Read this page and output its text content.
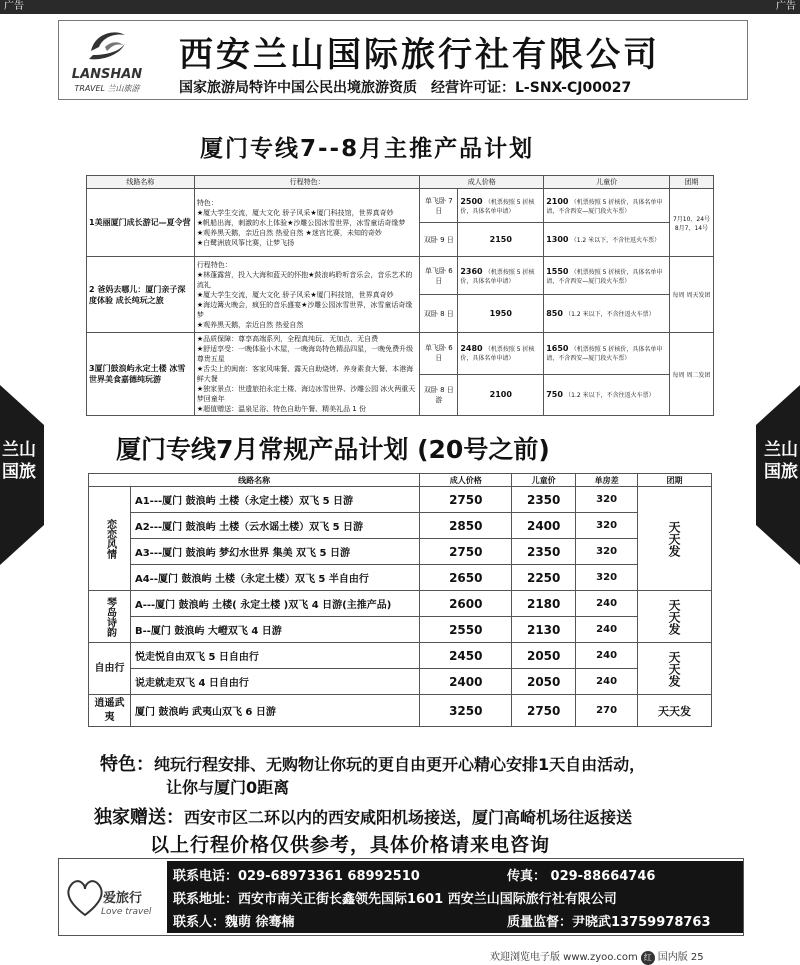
广告	广告
LANSHAN
TRAVEL 兰山旅游
西安兰山国际旅行社有限公司
国家旅游局特许中国公民出境旅游资质 经营许可证：L-SNX-CJ00027
兰山国旅
兰山国旅
厦门专线7--8月主推产品计划
线路名称	行程特色：	成人价格		儿童价	团期
1美丽厦门成长游记—夏令营	特色：
★厦大学生交流，厦大文化 骄子风采★厦门科技馆，世界真奇妙
★帆船出海，刺激的水上体验★沙雕公园冰雪世界，冰雪童话奇缘梦
★观养黑天鹅，亲近自然 热爱自然 ★迷宫比赛，未知的奇妙
★白鹭洲放风筝比赛，让梦飞扬	单飞卧 7 日	2500 （机票按照 5 折核价，具体名单申请）	2100 （机票按照 5 折核价，具体名单申请，不含西安—厦门段火车票）	7月10、24号 8月7、14号
		双卧 9 日	2150	1300 （1.2 米以下，不含往返火车票）	
2 爸妈去哪儿：厦门亲子深度体验 成长纯玩之旅	行程特色：
★林蓬露营，投入大海和蓝天的怀抱★鼓浪屿聆听音乐会，音乐艺术的流礼
★厦大学生交流，厦大文化 骄子风采★厦门科技馆，世界真奇妙
★海边篝火晚会，疯狂的音乐盛宴★沙雕公园冰雪世界，冰雪童话奇缘梦
★观养黑天鹅，亲近自然 热爱自然	单飞卧 6 日	2360 （机票按照 5 折核价，具体名单申请）	1550 （机票按照 5 折核价，具体名单申请，不含西安—厦门段火车票）	每周 周天发团
		双卧 8 日	1950	850 （1.2 米以下，不含往返火车票）	
3厦门鼓浪屿永定土楼 冰雪世界美食嘉德纯玩游	★品质保障：尊享高端系列，全程真纯玩、无加点、无自费
★舒适享受：一晚体验小木屋，一晚海岛特色精品四星，一晚免费升级尊贵五星
★舌尖上的闽南：客家风味餐、露天自助烧烤、养身素食大餐、本港海鲜大餐
★独家景点：世遗旅拍永定土楼、海边冰雪世界、沙雕公园 冰火两重天 梦回童年
★超值赠送：温泉足浴、特色自助午餐、精美礼品 1 份	单飞卧 6 日	2480 （机票按照 5 折核价，具体名单申请）	1650 （机票按照 5 折核价，具体名单申请，不含西安—厦门段火车票）	每周 周二发团
		双卧 8 日游	2100	750 （1.2 米以下，不含往返火车票）	
厦门专线7月常规产品计划 (20号之前)
线路名称		成人价格	儿童价	单房差	团期
恋恋风情	A1---厦门 鼓浪屿 土楼（永定土楼）双飞 5 日游	2750	2350	320	天天发
	A2---厦门 鼓浪屿 土楼（云水谣土楼）双飞 5 日游	2850	2400	320	
	A3---厦门 鼓浪屿 梦幻水世界 集美 双飞 5 日游	2750	2350	320	
	A4--厦门 鼓浪屿 土楼（永定土楼）双飞 5 半自由行	2650	2250	320	
琴岛诗韵	A---厦门 鼓浪屿 土楼( 永定土楼 )双飞 4 日游(主推产品)	2600	2180	240	天天发
	B--厦门 鼓浪屿 大嶝双飞 4 日游	2550	2130	240	
自由行	悦走悦自由双飞 5 日自由行	2450	2050	240	天天发
	说走就走双飞 4 日自由行	2400	2050	240	
逍遥武夷	厦门 鼓浪屿 武夷山双飞 6 日游	3250	2750	270	天天发
特色：纯玩行程安排、无购物让你玩的更自由更开心精心安排1天自由活动，
让你与厦门0距离
独家赠送：西安市区二环以内的西安咸阳机场接送，厦门高崎机场往返接送
以上行程价格仅供参考，具体价格请来电咨询
爱旅行
Love travel
联系电话：029-68973361 68992510	传真： 029-88664746
联系地址：西安市南关正街长鑫领先国际1601 西安兰山国际旅行社有限公司
联系人：魏萌 徐骞楠	质量监督：尹晓武13759978763
欢迎浏览电子版 www.zyoo.com 红 国内版 25
